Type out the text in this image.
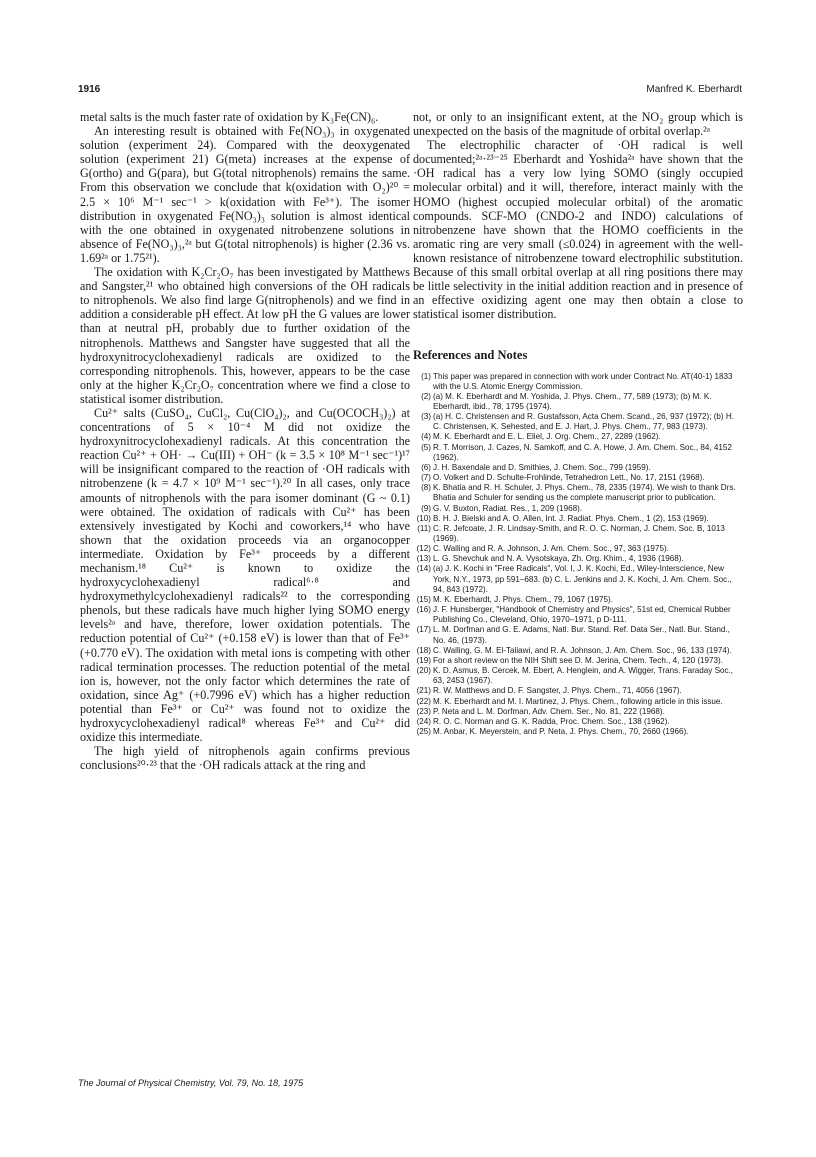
1916	Manfred K. Eberhardt

metal salts is the much faster rate of oxidation by K₃Fe(CN)₆.

An interesting result is obtained with Fe(NO₃)₃ in oxygenated solution (experiment 24). Compared with the deoxygenated solution (experiment 21) G(meta) increases at the expense of G(ortho) and G(para), but G(total nitrophenols) remains the same. From this observation we conclude that k(oxidation with O₂)²⁰ = 2.5 × 10⁶ M⁻¹ sec⁻¹ > k(oxidation with Fe³⁺). The isomer distribution in oxygenated Fe(NO₃)₃ solution is almost identical with the one obtained in oxygenated nitrobenzene solutions in absence of Fe(NO₃)₃,²ᵃ but G(total nitrophenols) is higher (2.36 vs. 1.69²ᵃ or 1.75²¹).

The oxidation with K₂Cr₂O₇ has been investigated by Matthews and Sangster,²¹ who obtained high conversions of the OH radicals to nitrophenols. We also find large G(nitrophenols) and we find in addition a considerable pH effect. At low pH the G values are lower than at neutral pH, probably due to further oxidation of the nitrophenols. Matthews and Sangster have suggested that all the hydroxynitrocyclohexadienyl radicals are oxidized to the corresponding nitrophenols. This, however, appears to be the case only at the higher K₂Cr₂O₇ concentration where we find a close to statistical isomer distribution.

Cu²⁺ salts (CuSO₄, CuCl₂, Cu(ClO₄)₂, and Cu(OCOCH₃)₂) at concentrations of 5 × 10⁻⁴ M did not oxidize the hydroxynitrocyclohexadienyl radicals. At this concentration the reaction Cu²⁺ + OH· → Cu(III) + OH⁻ (k = 3.5 × 10⁸ M⁻¹ sec⁻¹)¹⁷ will be insignificant compared to the reaction of ·OH radicals with nitrobenzene (k = 4.7 × 10⁹ M⁻¹ sec⁻¹).²⁰ In all cases, only trace amounts of nitrophenols with the para isomer dominant (G ~ 0.1) were obtained. The oxidation of radicals with Cu²⁺ has been extensively investigated by Kochi and coworkers,¹⁴ who have shown that the oxidation proceeds via an organocopper intermediate. Oxidation by Fe³⁺ proceeds by a different mechanism.¹⁸ Cu²⁺ is known to oxidize the hydroxycyclohexadienyl radical⁶·⁸ and hydroxymethylcyclohexadienyl radicals²² to the corresponding phenols, but these radicals have much higher lying SOMO energy levels²ᵃ and have, therefore, lower oxidation potentials. The reduction potential of Cu²⁺ (+0.158 eV) is lower than that of Fe³⁺ (+0.770 eV). The oxidation with metal ions is competing with other radical termination processes. The reduction potential of the metal ion is, however, not the only factor which determines the rate of oxidation, since Ag⁺ (+0.7996 eV) which has a higher reduction potential than Fe³⁺ or Cu²⁺ was found not to oxidize the hydroxycyclohexadienyl radical⁸ whereas Fe³⁺ and Cu²⁺ did oxidize this intermediate.

The high yield of nitrophenols again confirms previous conclusions²⁰·²³ that the ·OH radicals attack at the ring and

not, or only to an insignificant extent, at the NO₂ group which is unexpected on the basis of the magnitude of orbital overlap.²ᵃ

The electrophilic character of ·OH radical is well documented;²ᵃ·²³⁻²⁵ Eberhardt and Yoshida²ᵃ have shown that the ·OH radical has a very low lying SOMO (singly occupied molecular orbital) and it will, therefore, interact mainly with the HOMO (highest occupied molecular orbital) of the aromatic compounds. SCF-MO (CNDO-2 and INDO) calculations of nitrobenzene have shown that the HOMO coefficients in the aromatic ring are very small (≤0.024) in agreement with the well-known resistance of nitrobenzene toward electrophilic substitution. Because of this small orbital overlap at all ring positions there may be little selectivity in the initial addition reaction and in presence of an effective oxidizing agent one may then obtain a close to statistical isomer distribution.

References and Notes
(1) This paper was prepared in connection with work under Contract No. AT(40-1) 1833 with the U.S. Atomic Energy Commission.
(2) (a) M. K. Eberhardt and M. Yoshida, J. Phys. Chem., 77, 589 (1973); (b) M. K. Eberhardt, ibid., 78, 1795 (1974).
(3) (a) H. C. Christensen and R. Gustafsson, Acta Chem. Scand., 26, 937 (1972); (b) H. C. Christensen, K. Sehested, and E. J. Hart, J. Phys. Chem., 77, 983 (1973).
(4) M. K. Eberhardt and E. L. Eliel, J. Org. Chem., 27, 2289 (1962).
(5) R. T. Morrison, J. Cazes, N. Samkoff, and C. A. Howe, J. Am. Chem. Soc., 84, 4152 (1962).
(6) J. H. Baxendale and D. Smithies, J. Chem. Soc., 799 (1959).
(7) O. Volkert and D. Schulte-Frohlinde, Tetrahedron Lett., No. 17, 2151 (1968).
(8) K. Bhatia and R. H. Schuler, J. Phys. Chem., 78, 2335 (1974). We wish to thank Drs. Bhatia and Schuler for sending us the complete manuscript prior to publication.
(9) G. V. Buxton, Radiat. Res., 1, 209 (1968).
(10) B. H. J. Bielski and A. O. Allen, Int. J. Radiat. Phys. Chem., 1 (2), 153 (1969).
(11) C. R. Jefcoate, J. R. Lindsay-Smith, and R. O. C. Norman, J. Chem. Soc. B, 1013 (1969).
(12) C. Walling and R. A. Johnson, J. Am. Chem. Soc., 97, 363 (1975).
(13) L. G. Shevchuk and N. A. Vysotskaya, Zh. Org. Khim., 4, 1936 (1968).
(14) (a) J. K. Kochi in "Free Radicals", Vol. I, J. K. Kochi, Ed., Wiley-Interscience, New York, N.Y., 1973, pp 591–683. (b) C. L. Jenkins and J. K. Kochi, J. Am. Chem. Soc., 94, 843 (1972).
(15) M. K. Eberhardt, J. Phys. Chem., 79, 1067 (1975).
(16) J. F. Hunsberger, "Handbook of Chemistry and Physics", 51st ed, Chemical Rubber Publishing Co., Cleveland, Ohio, 1970–1971, p D-111.
(17) L. M. Dorfman and G. E. Adams, Natl. Bur. Stand. Ref. Data Ser., Natl. Bur. Stand., No. 46, (1973).
(18) C. Walling, G. M. El-Taliawi, and R. A. Johnson, J. Am. Chem. Soc., 96, 133 (1974).
(19) For a short review on the NIH Shift see D. M. Jerina, Chem. Tech., 4, 120 (1973).
(20) K. D. Asmus, B. Cercek, M. Ebert, A. Henglein, and A. Wigger, Trans. Faraday Soc., 63, 2453 (1967).
(21) R. W. Matthews and D. F. Sangster, J. Phys. Chem., 71, 4056 (1967).
(22) M. K. Eberhardt and M. I. Martinez, J. Phys. Chem., following article in this issue.
(23) P. Neta and L. M. Dorfman, Adv. Chem. Ser., No. 81, 222 (1968).
(24) R. O. C. Norman and G. K. Radda, Proc. Chem. Soc., 138 (1962).
(25) M. Anbar, K. Meyerstein, and P. Neta, J. Phys. Chem., 70, 2660 (1966).
The Journal of Physical Chemistry, Vol. 79, No. 18, 1975
